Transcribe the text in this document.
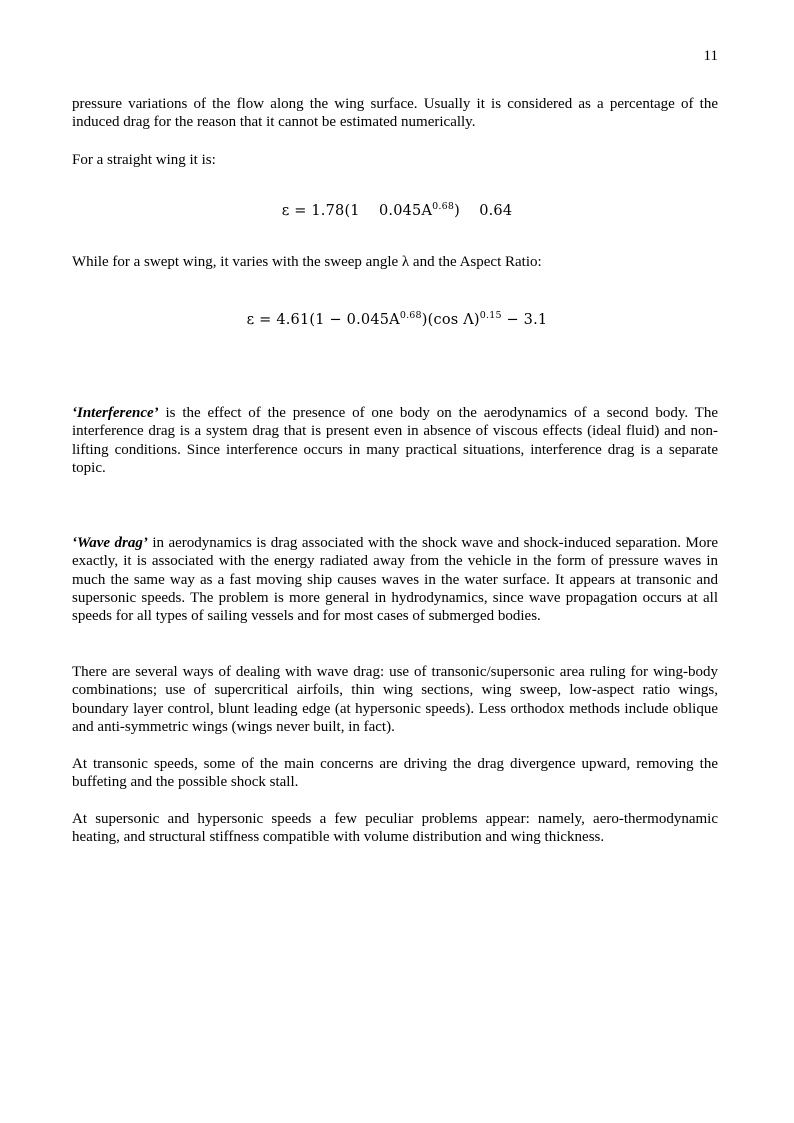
11

pressure variations of the flow along the wing surface. Usually it is considered as a percentage of the induced drag for the reason that it cannot be estimated numerically.

For a straight wing it is:

ε = 1.78(1    $0.045A^{0.68}$)    0.64

While for a swept wing, it varies with the sweep angle λ and the Aspect Ratio:

$\varepsilon = 4.61(1 - 0.045A^{0.68})(\cos$ Λ)$^{0.15}$ − 3.1

‘Interference’ is the effect of the presence of one body on the aerodynamics of a second body. The interference drag is a system drag that is present even in absence of viscous effects (ideal fluid) and non-lifting conditions. Since interference occurs in many practical situations, interference drag is a separate topic.

‘Wave drag’ in aerodynamics is drag associated with the shock wave and shock-induced separation. More exactly, it is associated with the energy radiated away from the vehicle in the form of pressure waves in much the same way as a fast moving ship causes waves in the water surface. It appears at transonic and supersonic speeds. The problem is more general in hydrodynamics, since wave propagation occurs at all speeds for all types of sailing vessels and for most cases of submerged bodies.

There are several ways of dealing with wave drag: use of transonic/supersonic area ruling for wing-body combinations; use of supercritical airfoils, thin wing sections, wing sweep, low-aspect ratio wings, boundary layer control, blunt leading edge (at hypersonic speeds). Less orthodox methods include oblique and anti-symmetric wings (wings never built, in fact).

At transonic speeds, some of the main concerns are driving the drag divergence upward, removing the buffeting and the possible shock stall.

At supersonic and hypersonic speeds a few peculiar problems appear: namely, aero-thermodynamic heating, and structural stiffness compatible with volume distribution and wing thickness.
